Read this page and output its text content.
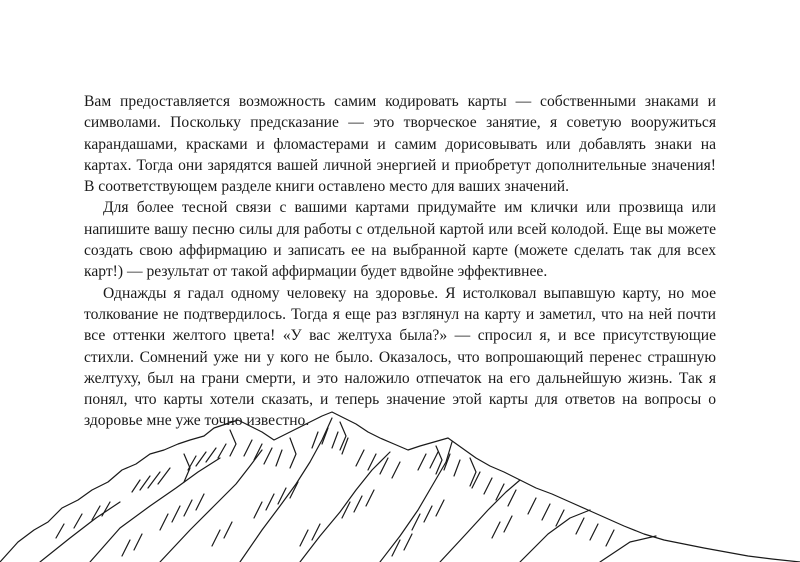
Вам предоставляется возможность самим кодировать карты — собственными знаками и символами. Поскольку предсказание — это творческое занятие, я советую вооружиться карандашами, красками и фломастерами и самим дорисовывать или добавлять знаки на картах. Тогда они зарядятся вашей личной энергией и приобретут дополнительные значения! В соответствующем разделе книги оставлено место для ваших значений.

Для более тесной связи с вашими картами придумайте им клички или прозвища или напишите вашу песню силы для работы с отдельной картой или всей колодой. Еще вы можете создать свою аффирмацию и записать ее на выбранной карте (можете сделать так для всех карт!) — результат от такой аффирмации будет вдвойне эффективнее.

Однажды я гадал одному человеку на здоровье. Я истолковал выпавшую карту, но мое толкование не подтвердилось. Тогда я еще раз взглянул на карту и заметил, что на ней почти все оттенки желтого цвета! «У вас желтуха была?» — спросил я, и все присутствующие стихли. Сомнений уже ни у кого не было. Оказалось, что вопрошающий перенес страшную желтуху, был на грани смерти, и это наложило отпечаток на его дальнейшую жизнь. Так я понял, что карты хотели сказать, и теперь значение этой карты для ответов на вопросы о здоровье мне уже точно известно.
